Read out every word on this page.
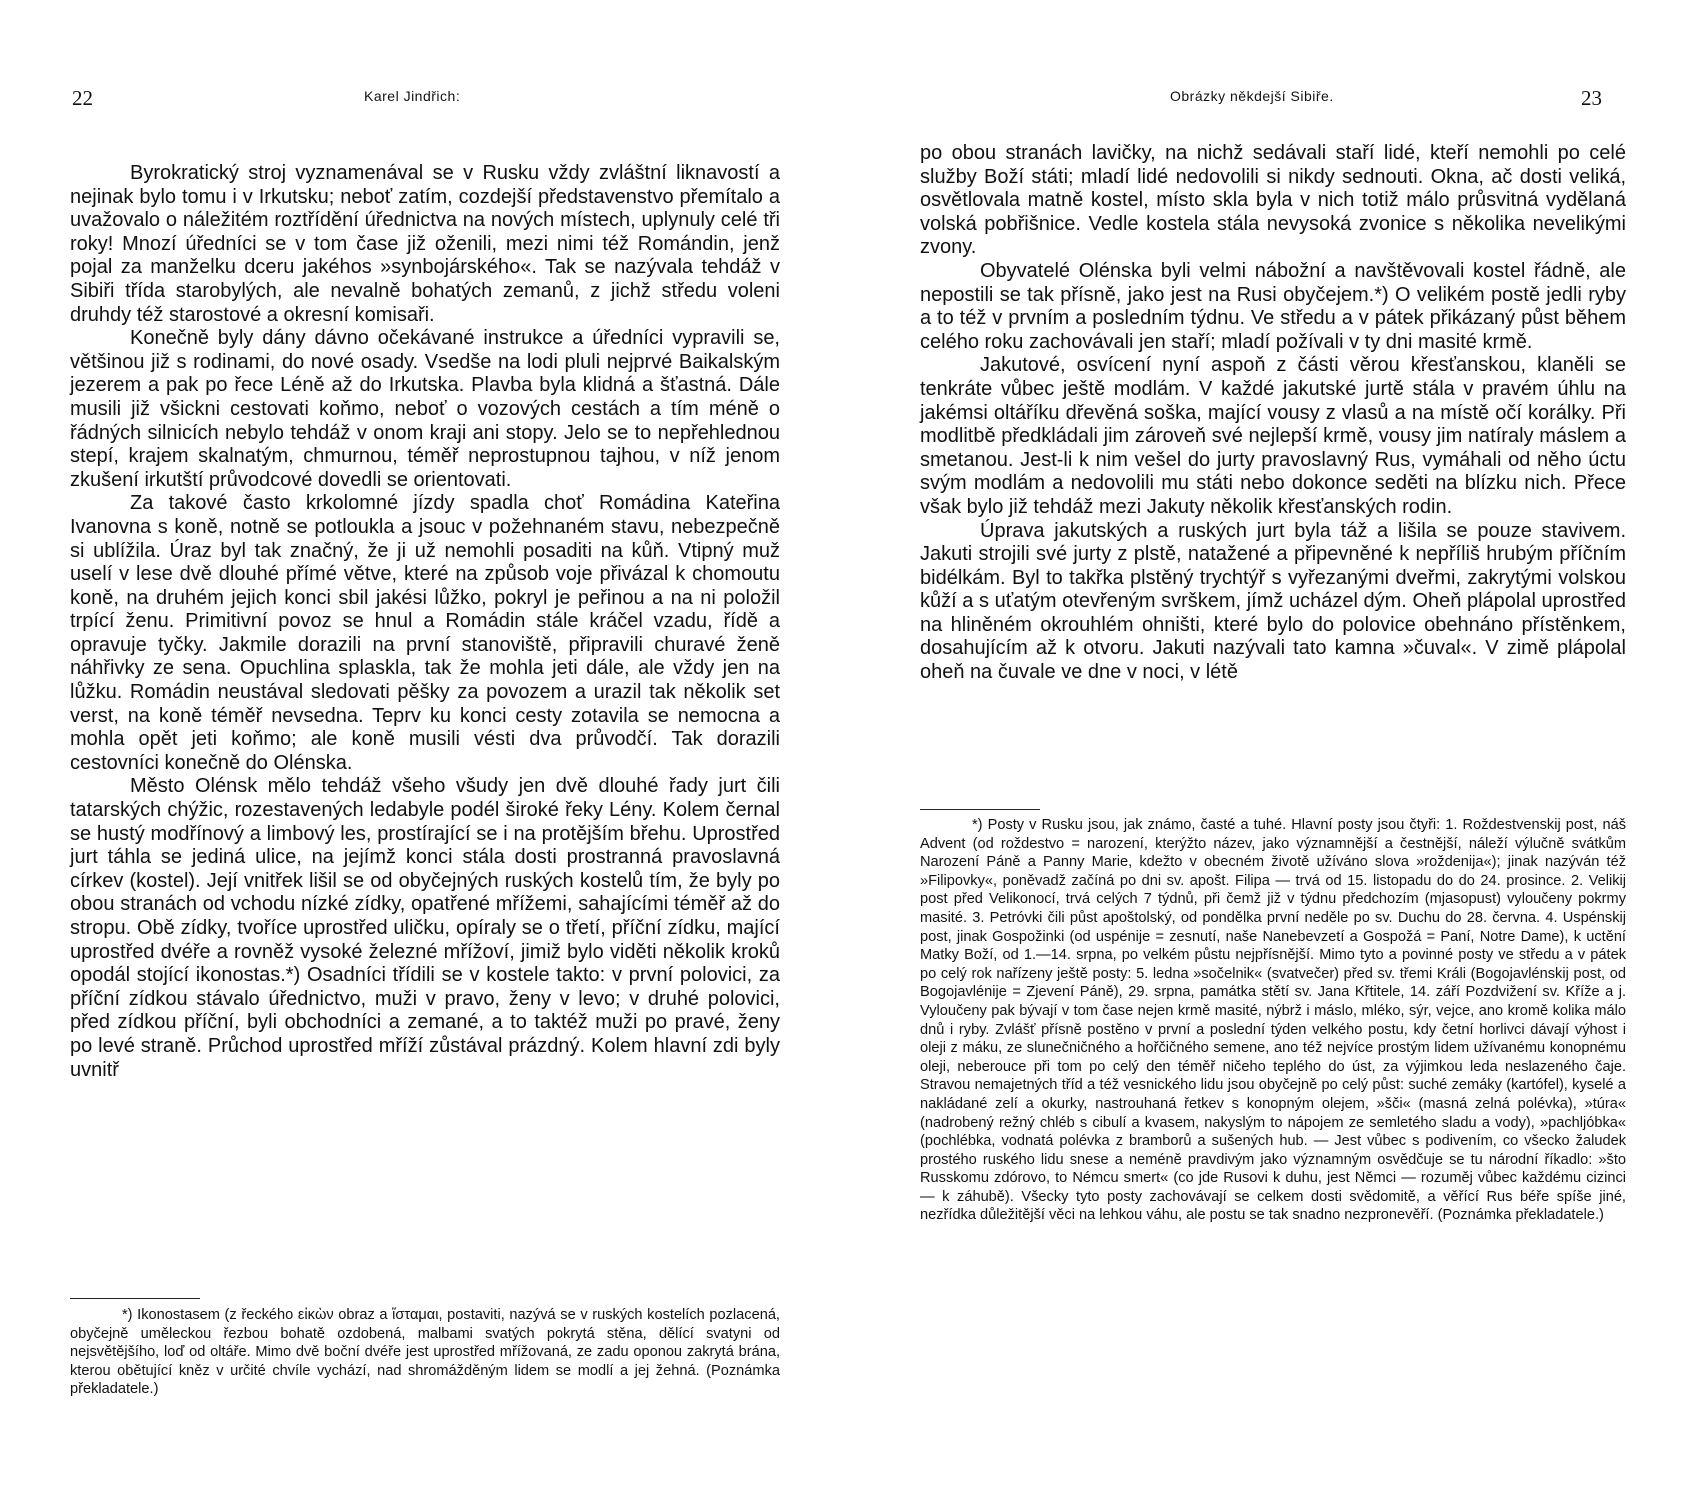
22	Karel Jindřich:

Byrokratický stroj vyznamenával se v Rusku vždy zvláštní liknavostí a nejinak bylo tomu i v Irkutsku; neboť zatím, cozdejší představenstvo přemítalo a uvažovalo o náležitém roztřídění úřednictva na nových místech, uplynuly celé tři roky! Mnozí úředníci se v tom čase již oženili, mezi nimi též Romándin, jenž pojal za manželku dceru jakéhos »synbojárského«. Tak se nazývala tehdáž v Sibiři třída starobylých, ale nevalně bohatých zemanů, z jichž středu voleni druhdy též starostové a okresní komisaři.

Konečně byly dány dávno očekávané instrukce a úředníci vypravili se, většinou již s rodinami, do nové osady. Vsedše na lodi pluli nejprvé Baikalským jezerem a pak po řece Léně až do Irkutska. Plavba byla klidná a šťastná. Dále musili již všickni cestovati koňmo, neboť o vozových cestách a tím méně o řádných silnicích nebylo tehdáž v onom kraji ani stopy. Jelo se to nepřehlednou stepí, krajem skalnatým, chmurnou, téměř neprostupnou tajhou, v níž jenom zkušení irkutští průvodcové dovedli se orientovati.

Za takové často krkolomné jízdy spadla choť Romádina Kateřina Ivanovna s koně, notně se potloukla a jsouc v požehnaném stavu, nebezpečně si ublížila. Úraz byl tak značný, že ji už nemohli posaditi na kůň. Vtipný muž uselí v lese dvě dlouhé přímé větve, které na způsob voje přivázal k chomoutu koně, na druhém jejich konci sbil jakési lůžko, pokryl je peřinou a na ni položil trpící ženu. Primitivní povoz se hnul a Romádin stále kráčel vzadu, řídě a opravuje tyčky. Jakmile dorazili na první stanoviště, připravili churavé ženě náhřivky ze sena. Opuchlina splaskla, tak že mohla jeti dále, ale vždy jen na lůžku. Romádin neustával sledovati pěšky za povozem a urazil tak několik set verst, na koně téměř nevsedna. Teprv ku konci cesty zotavila se nemocna a mohla opět jeti koňmo; ale koně musili vésti dva průvodčí. Tak dorazili cestovníci konečně do Olénska.

Město Olénsk mělo tehdáž všeho všudy jen dvě dlouhé řady jurt čili tatarských chýžic, rozestavených ledabyle podél široké řeky Lény. Kolem černal se hustý modřínový a limbový les, prostírající se i na protějším břehu. Uprostřed jurt táhla se jediná ulice, na jejímž konci stála dosti prostranná pravoslavná církev (kostel). Její vnitřek lišil se od obyčejných ruských kostelů tím, že byly po obou stranách od vchodu nízké zídky, opatřené mřížemi, sahajícími téměř až do stropu. Obě zídky, tvoříce uprostřed uličku, opíraly se o třetí, příční zídku, mající uprostřed dvéře a rovněž vysoké železné mřížoví, jimiž bylo viděti několik kroků opodál stojící ikonostas.*) Osadníci třídili se v kostele takto: v první polovici, za příční zídkou stávalo úřednictvo, muži v pravo, ženy v levo; v druhé polovici, před zídkou příční, byli obchodníci a zemané, a to taktéž muži po pravé, ženy po levé straně. Průchod uprostřed mříží zůstával prázdný. Kolem hlavní zdi byly uvnitř

*) Ikonostasem (z řeckého εἰκὼν obraz a ἵσταμαι, postaviti, nazývá se v ruských kostelích pozlacená, obyčejně uměleckou řezbou bohatě ozdobená, malbami svatých pokrytá stěna, dělící svatyni od nejsvětějšího, loď od oltáře. Mimo dvě boční dvéře jest uprostřed mřížovaná, ze zadu oponou zakrytá brána, kterou obětující kněz v určité chvíle vychází, nad shromážděným lidem se modlí a jej žehná. (Poznámka překladatele.)

Obrázky někdejší Sibiře.	23

po obou stranách lavičky, na nichž sedávali staří lidé, kteří nemohli po celé služby Boží státi; mladí lidé nedovolili si nikdy sednouti. Okna, ač dosti veliká, osvětlovala matně kostel, místo skla byla v nich totiž málo průsvitná vydělaná volská pobřišnice. Vedle kostela stála nevysoká zvonice s několika nevelikými zvony.

Obyvatelé Olénska byli velmi nábožní a navštěvovali kostel řádně, ale nepostili se tak přísně, jako jest na Rusi obyčejem.*) O velikém postě jedli ryby a to též v prvním a posledním týdnu. Ve středu a v pátek přikázaný půst během celého roku zachovávali jen staří; mladí požívali v ty dni masité krmě.

Jakutové, osvícení nyní aspoň z části věrou křesťanskou, klaněli se tenkráte vůbec ještě modlám. V každé jakutské jurtě stála v pravém úhlu na jakémsi oltáříku dřevěná soška, mající vousy z vlasů a na místě očí korálky. Při modlitbě předkládali jim zároveň své nejlepší krmě, vousy jim natíraly máslem a smetanou. Jest-li k nim vešel do jurty pravoslavný Rus, vymáhali od něho úctu svým modlám a nedovolili mu státi nebo dokonce seděti na blízku nich. Přece však bylo již tehdáž mezi Jakuty několik křesťanských rodin.

Úprava jakutských a ruských jurt byla táž a lišila se pouze stavivem. Jakuti strojili své jurty z plstě, natažené a připevněné k nepříliš hrubým příčním bidélkám. Byl to takřka plstěný trychtýř s vyřezanými dveřmi, zakrytými volskou kůží a s uťatým otevřeným svrškem, jímž ucházel dým. Oheň plápolal uprostřed na hliněném okrouhlém ohništi, které bylo do polovice obehnáno přístěnkem, dosahujícím až k otvoru. Jakuti nazývali tato kamna »čuval«. V zimě plápolal oheň na čuvale ve dne v noci, v létě

*) Posty v Rusku jsou, jak známo, časté a tuhé. Hlavní posty jsou čtyři: 1. Roždestvenskij post, náš Advent (od roždestvo = narození, kterýžto název, jako významnější a čestnější, náleží výlučně svátkům Narození Páně a Panny Marie, kdežto v obecném životě užíváno slova »roždenija«); jinak nazýván též »Filipovky«, poněvadž začíná po dni sv. apošt. Filipa — trvá od 15. listopadu do do 24. prosince. 2. Velikij post před Velikonocí, trvá celých 7 týdnů, při čemž již v týdnu předchozím (mjasopust) vyloučeny pokrmy masité. 3. Petróvki čili půst apoštolský, od pondělka první neděle po sv. Duchu do 28. června. 4. Uspénskij post, jinak Gospožinki (od uspénije = zesnutí, naše Nanebevzetí a Gospožá = Paní, Notre Dame), k uctění Matky Boží, od 1.—14. srpna, po velkém půstu nejpřísnější. Mimo tyto a povinné posty ve středu a v pátek po celý rok nařízeny ještě posty: 5. ledna »sočelnik« (svatvečer) před sv. třemi Králi (Bogojavlénskij post, od Bogojavlénije = Zjevení Páně), 29. srpna, památka stětí sv. Jana Křtitele, 14. září Pozdvižení sv. Kříže a j. Vyloučeny pak bývají v tom čase nejen krmě masité, nýbrž i máslo, mléko, sýr, vejce, ano kromě kolika málo dnů i ryby. Zvlášť přísně postěno v první a poslední týden velkého postu, kdy četní horlivci dávají výhost i oleji z máku, ze slunečničného a hořčičného semene, ano též nejvíce prostým lidem užívanému konopnému oleji, neberouce při tom po celý den téměř ničeho teplého do úst, za výjimkou leda neslazeného čaje. Stravou nemajetných tříd a též vesnického lidu jsou obyčejně po celý půst: suché zemáky (kartófel), kyselé a nakládané zelí a okurky, nastrouhaná řetkev s konopným olejem, »šči« (masná zelná polévka), »túra« (nadrobený režný chléb s cibulí a kvasem, nakyslým to nápojem ze semletého sladu a vody), »pachljóbka« (pochlébka, vodnatá polévka z bramborů a sušených hub. — Jest vůbec s podivením, co všecko žaludek prostého ruského lidu snese a neméně pravdivým jako významným osvědčuje se tu národní říkadlo: »što Russkomu zdórovo, to Némcu smert« (co jde Rusovi k duhu, jest Němci — rozuměj vůbec každému cizinci — k záhubě). Všecky tyto posty zachovávají se celkem dosti svědomitě, a věřící Rus béře spíše jiné, nezřídka důležitější věci na lehkou váhu, ale postu se tak snadno nezpronevěří. (Poznámka překladatele.)
